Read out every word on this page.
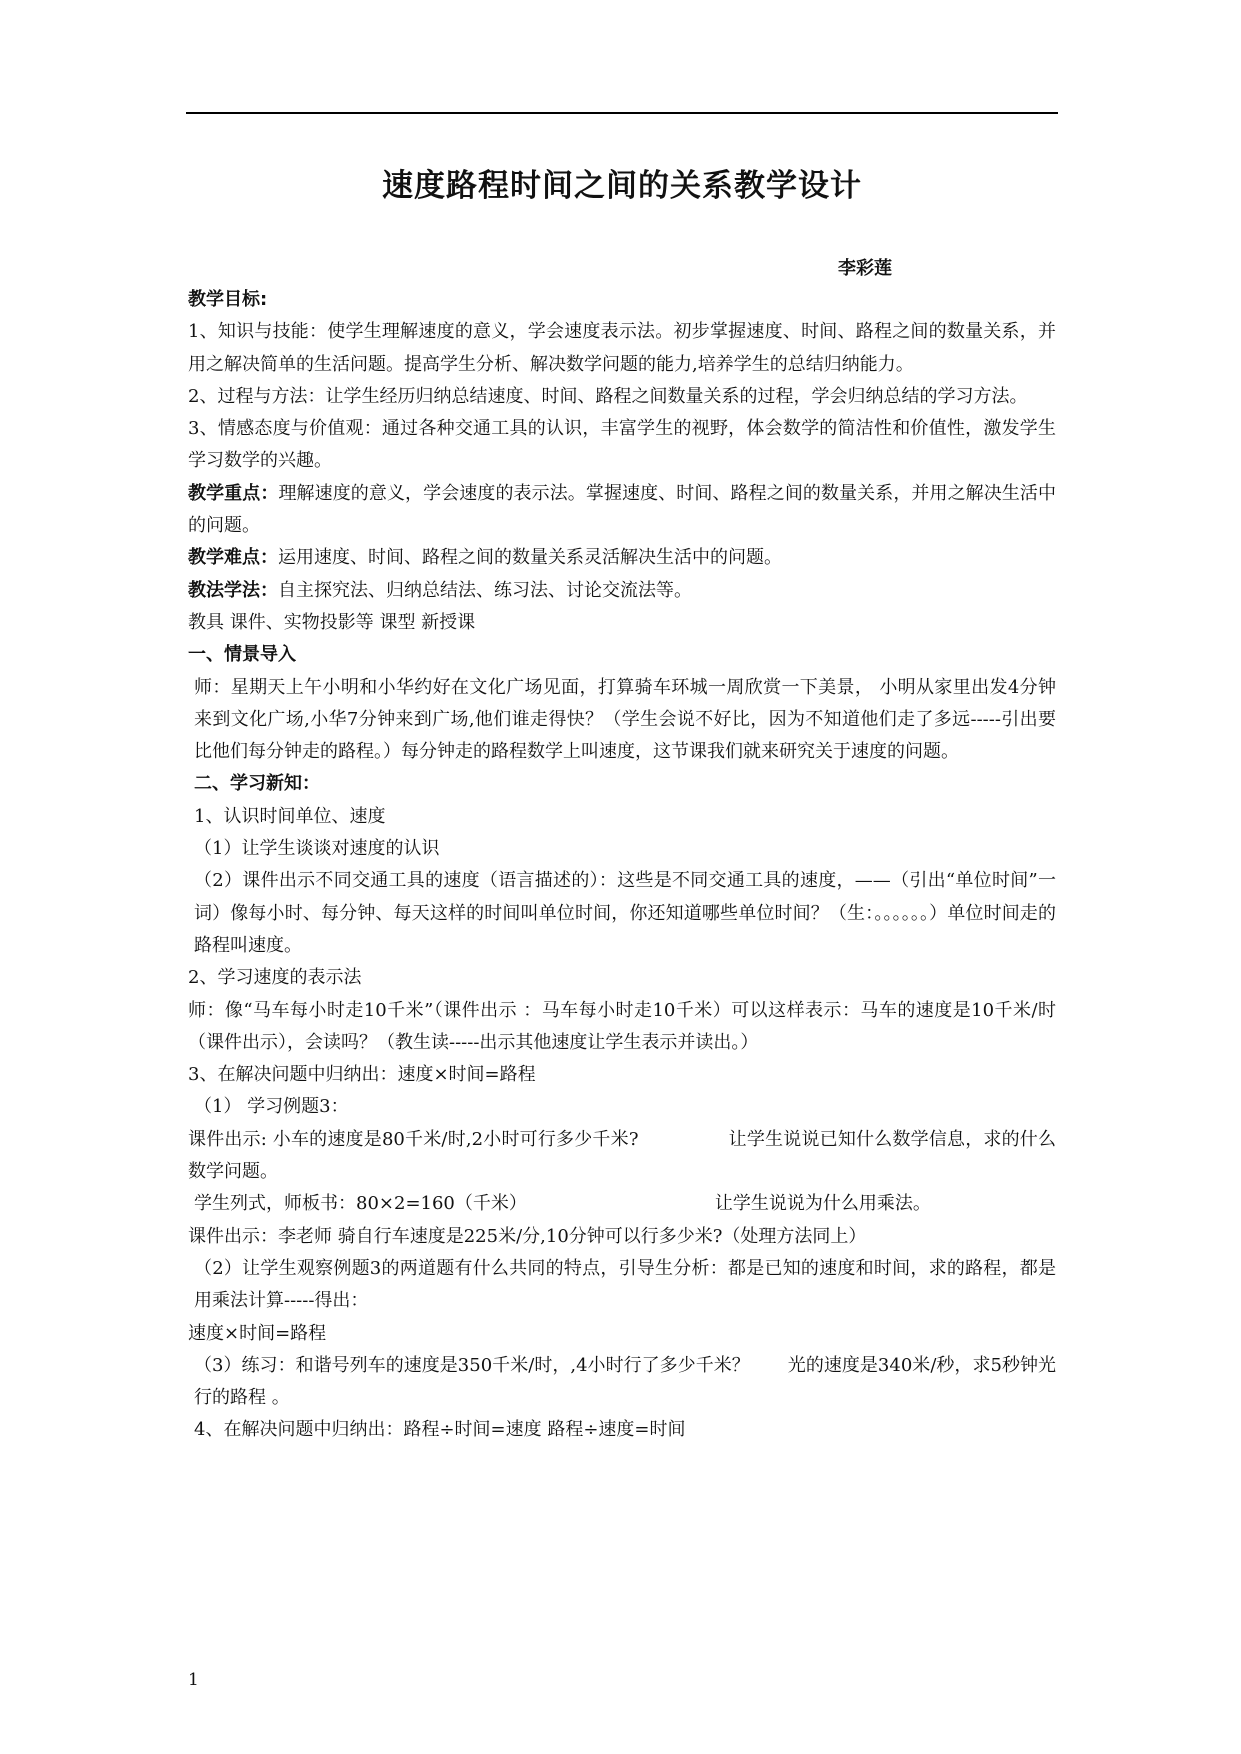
速度路程时间之间的关系教学设计
李彩莲

教学目标:

1、知识与技能：使学生理解速度的意义，学会速度表示法。初步掌握速度、时间、路程之间的数量关系，并用之解决简单的生活问题。提高学生分析、解决数学问题的能力,培养学生的总结归纳能力。

2、过程与方法：让学生经历归纳总结速度、时间、路程之间数量关系的过程，学会归纳总结的学习方法。

3、情感态度与价值观：通过各种交通工具的认识，丰富学生的视野，体会数学的简洁性和价值性，激发学生学习数学的兴趣。

教学重点：理解速度的意义，学会速度的表示法。掌握速度、时间、路程之间的数量关系，并用之解决生活中的问题。

教学难点：运用速度、时间、路程之间的数量关系灵活解决生活中的问题。

教法学法：自主探究法、归纳总结法、练习法、讨论交流法等。

教具 课件、实物投影等 课型 新授课

一、情景导入

师：星期天上午小明和小华约好在文化广场见面，打算骑车环城一周欣赏一下美景， 小明从家里出发4分钟来到文化广场,小华7分钟来到广场,他们谁走得快？（学生会说不好比，因为不知道他们走了多远-----引出要比他们每分钟走的路程。）每分钟走的路程数学上叫速度，这节课我们就来研究关于速度的问题。

二、学习新知：

1、认识时间单位、速度

（1）让学生谈谈对速度的认识

（2）课件出示不同交通工具的速度（语言描述的）：这些是不同交通工具的速度，——（引出“单位时间”一词）像每小时、每分钟、每天这样的时间叫单位时间，你还知道哪些单位时间？（生：。。。。。。）单位时间走的路程叫速度。

2、学习速度的表示法

师：像“马车每小时走10千米”（课件出示 ：马车每小时走10千米）可以这样表示：马车的速度是10千米/时 （课件出示），会读吗？（教生读-----出示其他速度让学生表示并读出。）

3、在解决问题中归纳出：速度×时间=路程

（1） 学习例题3：

课件出示: 小车的速度是80千米/时,2小时可行多少千米?	让学生说说已知什么数学信息，求的什么数学问题。

学生列式，师板书：80×2=160（千米）	让学生说说为什么用乘法。

课件出示：李老师 骑自行车速度是225米/分,10分钟可以行多少米?（处理方法同上）

（2）让学生观察例题3的两道题有什么共同的特点，引导生分析：都是已知的速度和时间，求的路程，都是用乘法计算-----得出：

速度×时间=路程

（3）练习：和谐号列车的速度是350千米/时，,4小时行了多少千米？ 光的速度是340米/秒，求5秒钟光行的路程 。

4、在解决问题中归纳出：路程÷时间=速度 路程÷速度=时间

1
